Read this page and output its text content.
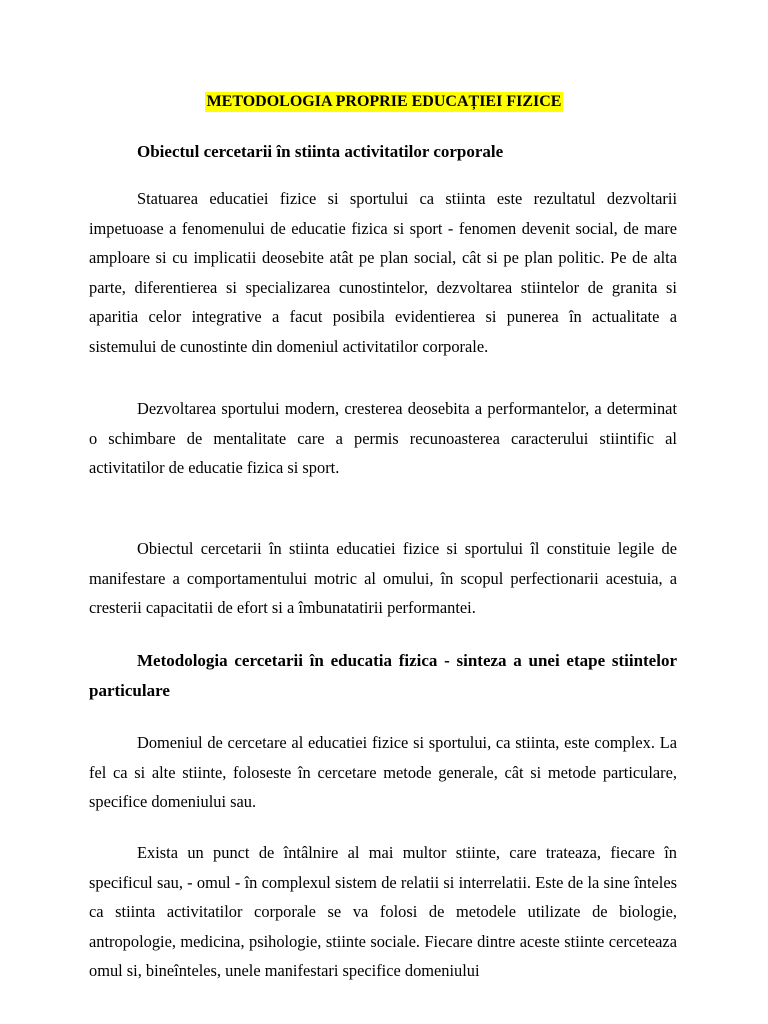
METODOLOGIA PROPRIE EDUCAȚIEI FIZICE
Obiectul cercetarii în stiinta activitatilor corporale
Statuarea educatiei fizice si sportului ca stiinta este rezultatul dezvoltarii impetuoase a fenomenului de educatie fizica si sport - fenomen devenit social, de mare amploare si cu implicatii deosebite atât pe plan social, cât si pe plan politic. Pe de alta parte, diferentierea si specializarea cunostintelor, dezvoltarea stiintelor de granita si aparitia celor integrative a facut posibila evidentierea si punerea în actualitate a sistemului de cunostinte din domeniul activitatilor corporale.
Dezvoltarea sportului modern, cresterea deosebita a performantelor, a determinat o schimbare de mentalitate care a permis recunoasterea caracterului stiintific al activitatilor de educatie fizica si sport.
Obiectul cercetarii în stiinta educatiei fizice si sportului îl constituie legile de manifestare a comportamentului motric al omului, în scopul perfectionarii acestuia, a cresterii capacitatii de efort si a îmbunatatirii performantei.
Metodologia cercetarii în educatia fizica - sinteza a unei etape stiintelor particulare
Domeniul de cercetare al educatiei fizice si sportului, ca stiinta, este complex. La fel ca si alte stiinte, foloseste în cercetare metode generale, cât si metode particulare, specifice domeniului sau.
Exista un punct de întâlnire al mai multor stiinte, care trateaza, fiecare în specificul sau, - omul - în complexul sistem de relatii si interrelatii. Este de la sine înteles ca stiinta activitatilor corporale se va folosi de metodele utilizate de biologie, antropologie, medicina, psihologie, stiinte sociale. Fiecare dintre aceste stiinte cerceteaza omul si, bineînteles, unele manifestari specifice domeniului
